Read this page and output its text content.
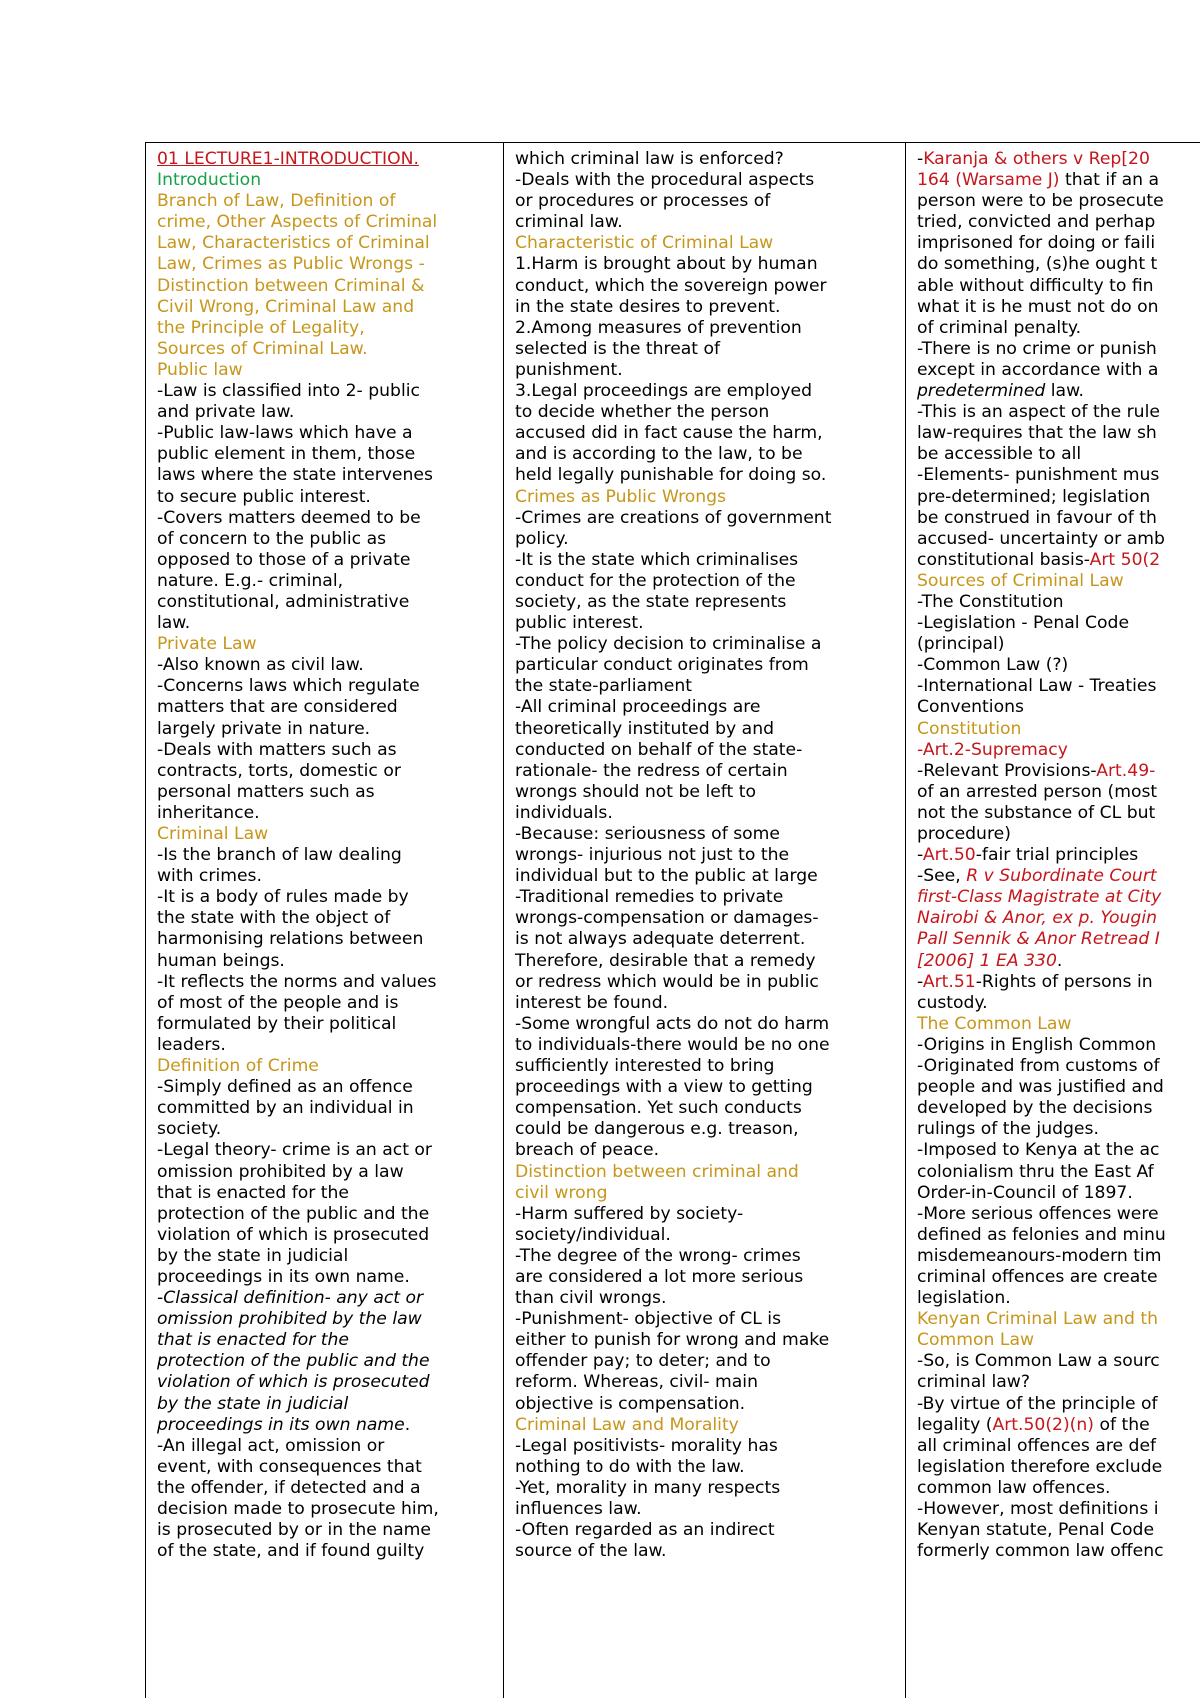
01 LECTURE1-INTRODUCTION.
Introduction
Branch of Law, Definition of
crime, Other Aspects of Criminal
Law, Characteristics of Criminal
Law, Crimes as Public Wrongs -
Distinction between Criminal &
Civil Wrong, Criminal Law and
the Principle of Legality,
Sources of Criminal Law.
Public law
-Law is classified into 2- public
and private law.
-Public law-laws which have a
public element in them, those
laws where the state intervenes
to secure public interest.
-Covers matters deemed to be
of concern to the public as
opposed to those of a private
nature. E.g.- criminal,
constitutional, administrative
law.
Private Law
-Also known as civil law.
-Concerns laws which regulate
matters that are considered
largely private in nature.
-Deals with matters such as
contracts, torts, domestic or
personal matters such as
inheritance.
Criminal Law
-Is the branch of law dealing
with crimes.
-It is a body of rules made by
the state with the object of
harmonising relations between
human beings.
-It reflects the norms and values
of most of the people and is
formulated by their political
leaders.
Definition of Crime
-Simply defined as an offence
committed by an individual in
society.
-Legal theory- crime is an act or
omission prohibited by a law
that is enacted for the
protection of the public and the
violation of which is prosecuted
by the state in judicial
proceedings in its own name.
-Classical definition- any act or
omission prohibited by the law
that is enacted for the
protection of the public and the
violation of which is prosecuted
by the state in judicial
proceedings in its own name.
-An illegal act, omission or
event, with consequences that
the offender, if detected and a
decision made to prosecute him,
is prosecuted by or in the name
of the state, and if found guilty
which criminal law is enforced?
-Deals with the procedural aspects
or procedures or processes of
criminal law.
Characteristic of Criminal Law
1.Harm is brought about by human
conduct, which the sovereign power
in the state desires to prevent.
2.Among measures of prevention
selected is the threat of
punishment.
3.Legal proceedings are employed
to decide whether the person
accused did in fact cause the harm,
and is according to the law, to be
held legally punishable for doing so.
Crimes as Public Wrongs
-Crimes are creations of government
policy.
-It is the state which criminalises
conduct for the protection of the
society, as the state represents
public interest.
-The policy decision to criminalise a
particular conduct originates from
the state-parliament
-All criminal proceedings are
theoretically instituted by and
conducted on behalf of the state-
rationale- the redress of certain
wrongs should not be left to
individuals.
-Because: seriousness of some
wrongs- injurious not just to the
individual but to the public at large
-Traditional remedies to private
wrongs-compensation or damages-
is not always adequate deterrent.
Therefore, desirable that a remedy
or redress which would be in public
interest be found.
-Some wrongful acts do not do harm
to individuals-there would be no one
sufficiently interested to bring
proceedings with a view to getting
compensation. Yet such conducts
could be dangerous e.g. treason,
breach of peace.
Distinction between criminal and
civil wrong
-Harm suffered by society-
society/individual.
-The degree of the wrong- crimes
are considered a lot more serious
than civil wrongs.
-Punishment- objective of CL is
either to punish for wrong and make
offender pay; to deter; and to
reform. Whereas, civil- main
objective is compensation.
Criminal Law and Morality
-Legal positivists- morality has
nothing to do with the law.
-Yet, morality in many respects
influences law.
-Often regarded as an indirect
source of the law.
-Karanja & others v Rep[20
164 (Warsame J) that if an a
person were to be prosecute
tried, convicted and perhap
imprisoned for doing or faili
do something, (s)he ought t
able without difficulty to fin
what it is he must not do on
of criminal penalty.
-There is no crime or punish
except in accordance with a
predetermined law.
-This is an aspect of the rule
law-requires that the law sh
be accessible to all
-Elements- punishment mus
pre-determined; legislation
be construed in favour of th
accused- uncertainty or amb
constitutional basis-Art 50(2
Sources of Criminal Law
-The Constitution
-Legislation - Penal Code
(principal)
-Common Law (?)
-International Law - Treaties
Conventions
Constitution
-Art.2-Supremacy
-Relevant Provisions-Art.49-
of an arrested person (most
not the substance of CL but
procedure)
-Art.50-fair trial principles
-See, R v Subordinate Court
first-Class Magistrate at City
Nairobi & Anor, ex p. Yougin
Pall Sennik & Anor Retread I
[2006] 1 EA 330.
-Art.51-Rights of persons in
custody.
The Common Law
-Origins in English Common
-Originated from customs of
people and was justified and
developed by the decisions
rulings of the judges.
-Imposed to Kenya at the ac
colonialism thru the East Af
Order-in-Council of 1897.
-More serious offences were
defined as felonies and minu
misdemeanours-modern tim
criminal offences are create
legislation.
Kenyan Criminal Law and th
Common Law
-So, is Common Law a sourc
criminal law?
-By virtue of the principle of
legality (Art.50(2)(n) of the
all criminal offences are def
legislation therefore exclude
common law offences.
-However, most definitions i
Kenyan statute, Penal Code
formerly common law offenc
